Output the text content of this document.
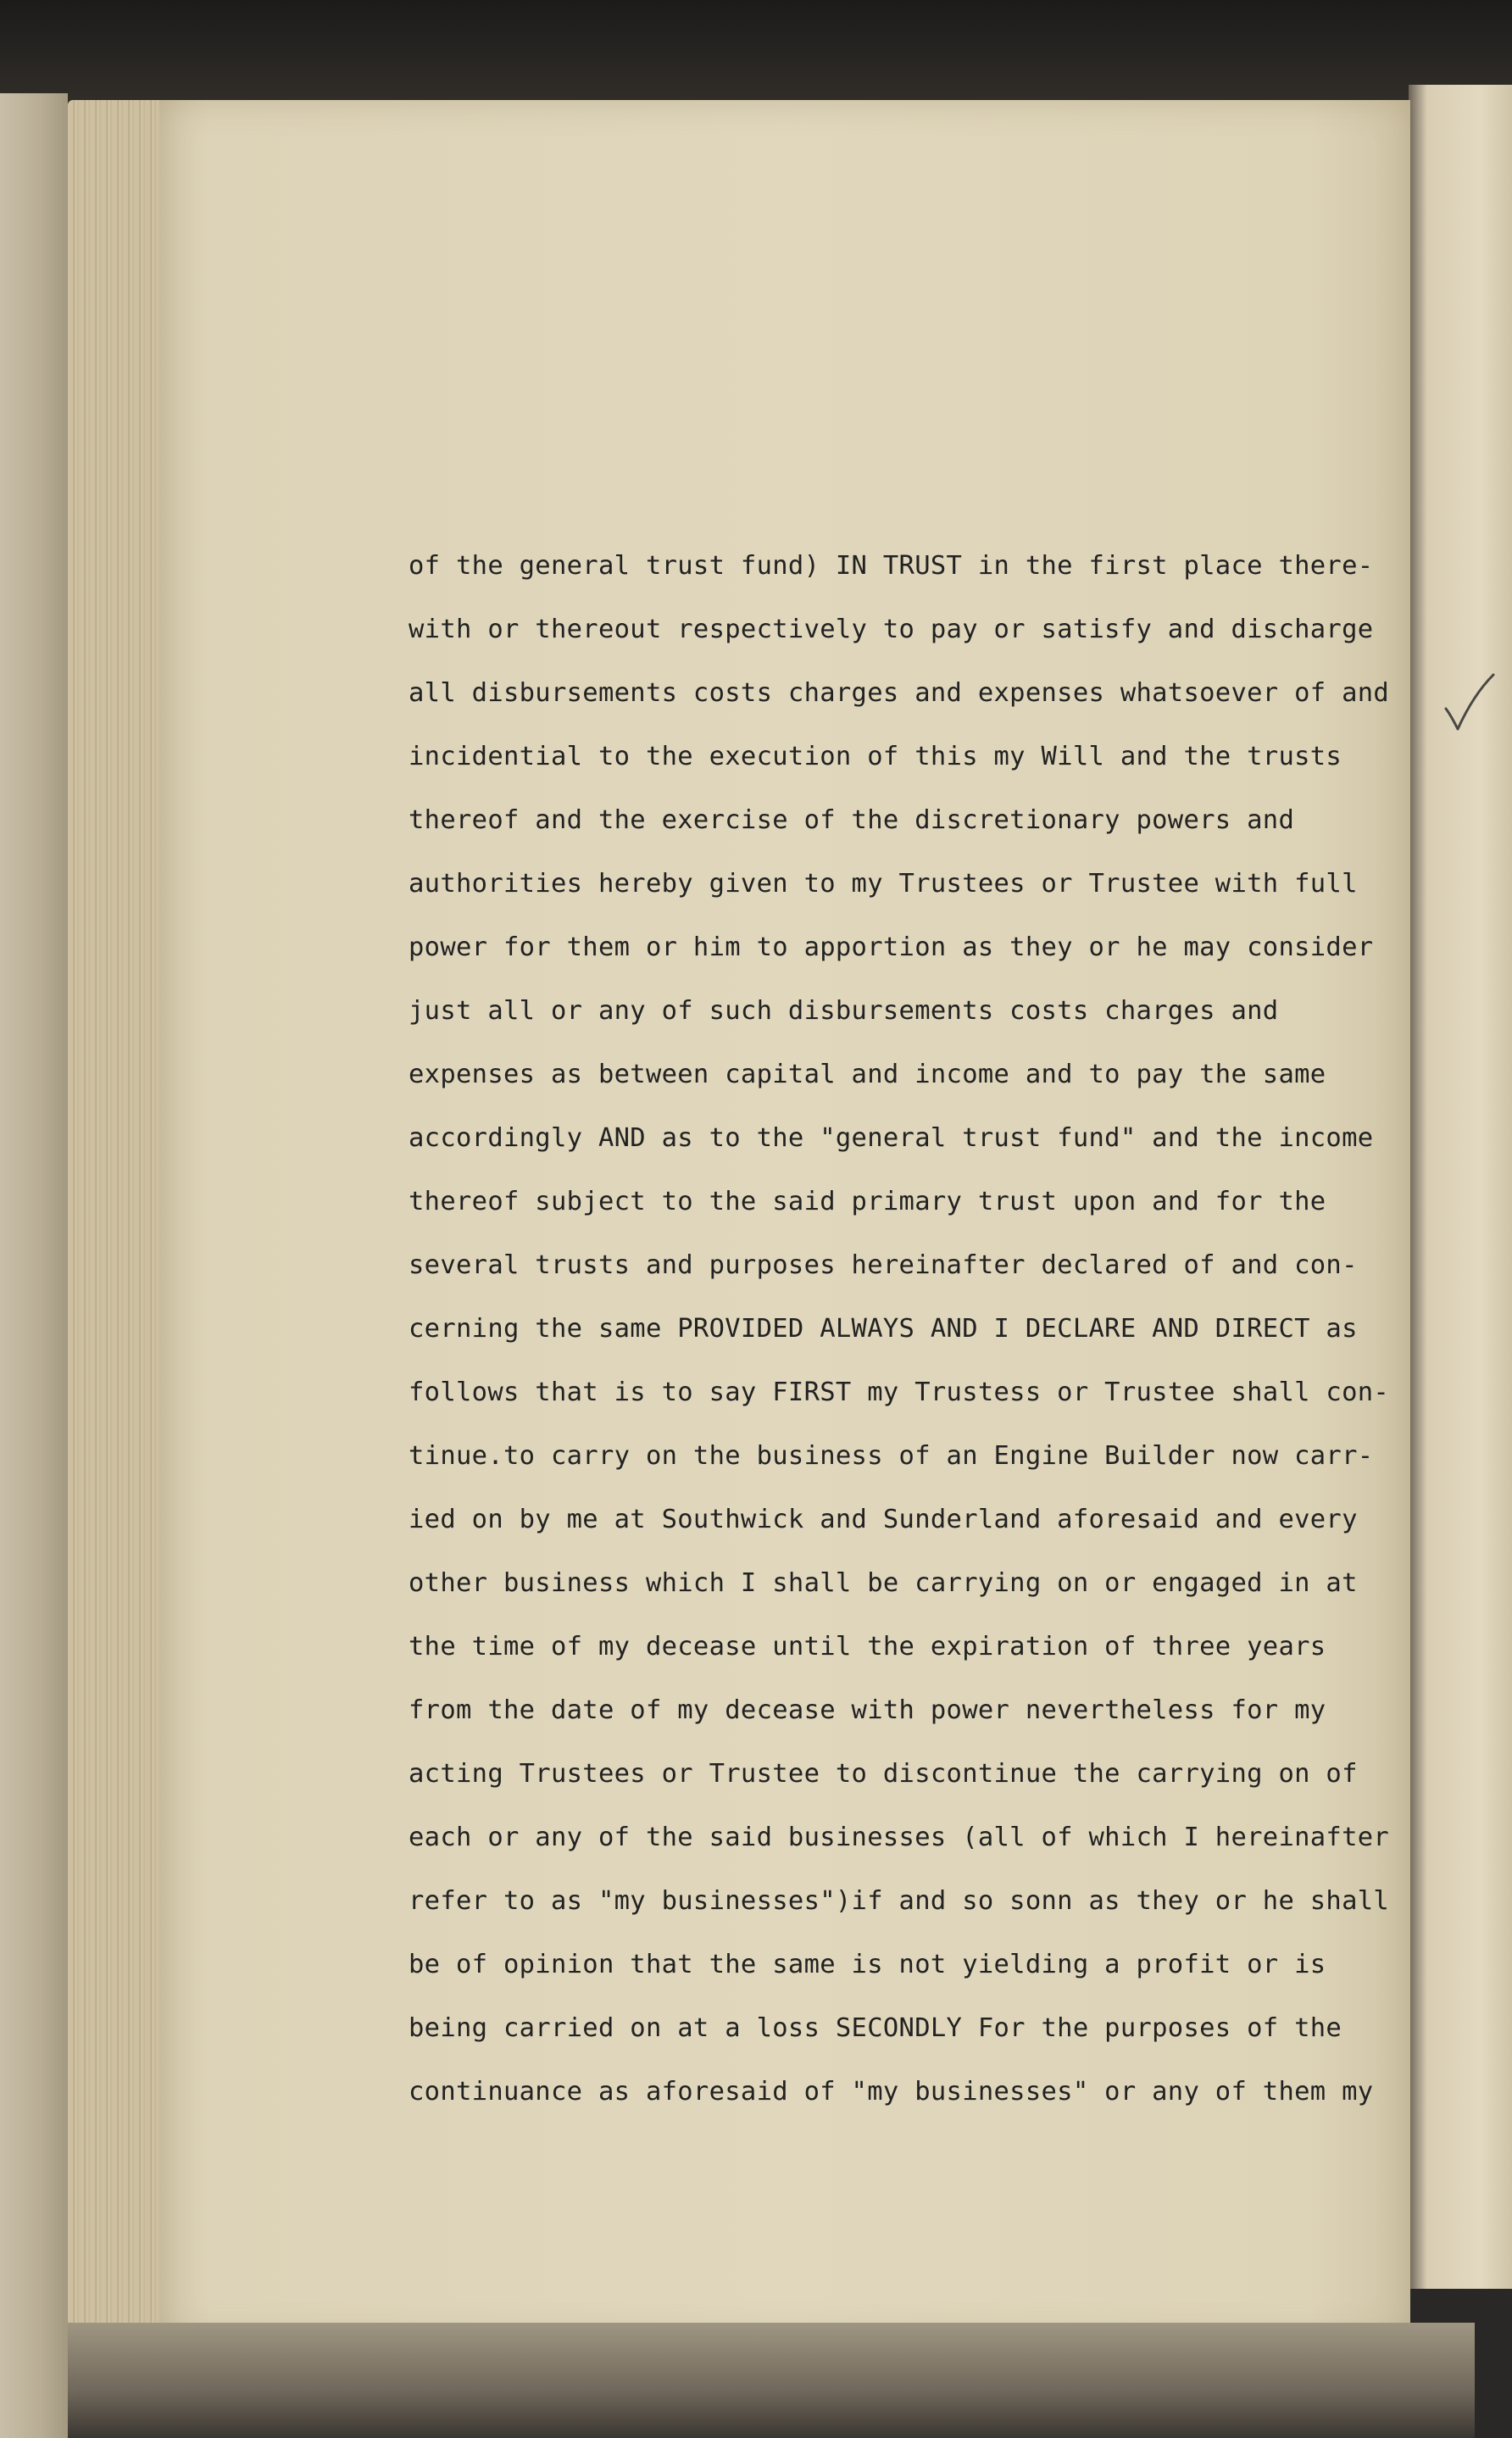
of the general trust fund) IN TRUST in the first place there-
with or thereout respectively to pay or satisfy and discharge
all disbursements costs charges and expenses whatsoever of and
incidential to the execution of this my Will and the trusts
thereof and the exercise of the discretionary powers and
authorities hereby given to my Trustees or Trustee with full
power for them or him to apportion as they or he may consider
just all or any of such disbursements costs charges and
expenses as between capital and income and to pay the same
accordingly AND as to the "general trust fund" and the income
thereof subject to the said primary trust upon and for the
several trusts and purposes hereinafter declared of and con-
cerning the same PROVIDED ALWAYS AND I DECLARE AND DIRECT as
follows that is to say FIRST my Trustess or Trustee shall con-
tinue.to carry on the business of an Engine Builder now carr-
ied on by me at Southwick and Sunderland aforesaid and every
other business which I shall be carrying on or engaged in at
the time of my decease until the expiration of three years
from the date of my decease with power nevertheless for my
acting Trustees or Trustee to discontinue the carrying on of
each or any of the said businesses (all of which I hereinafter
refer to as "my businesses")if and so sonn as they or he shall
be of opinion that the same is not yielding a profit or is
being carried on at a loss SECONDLY For the purposes of the
continuance as aforesaid of "my businesses" or any of them my
